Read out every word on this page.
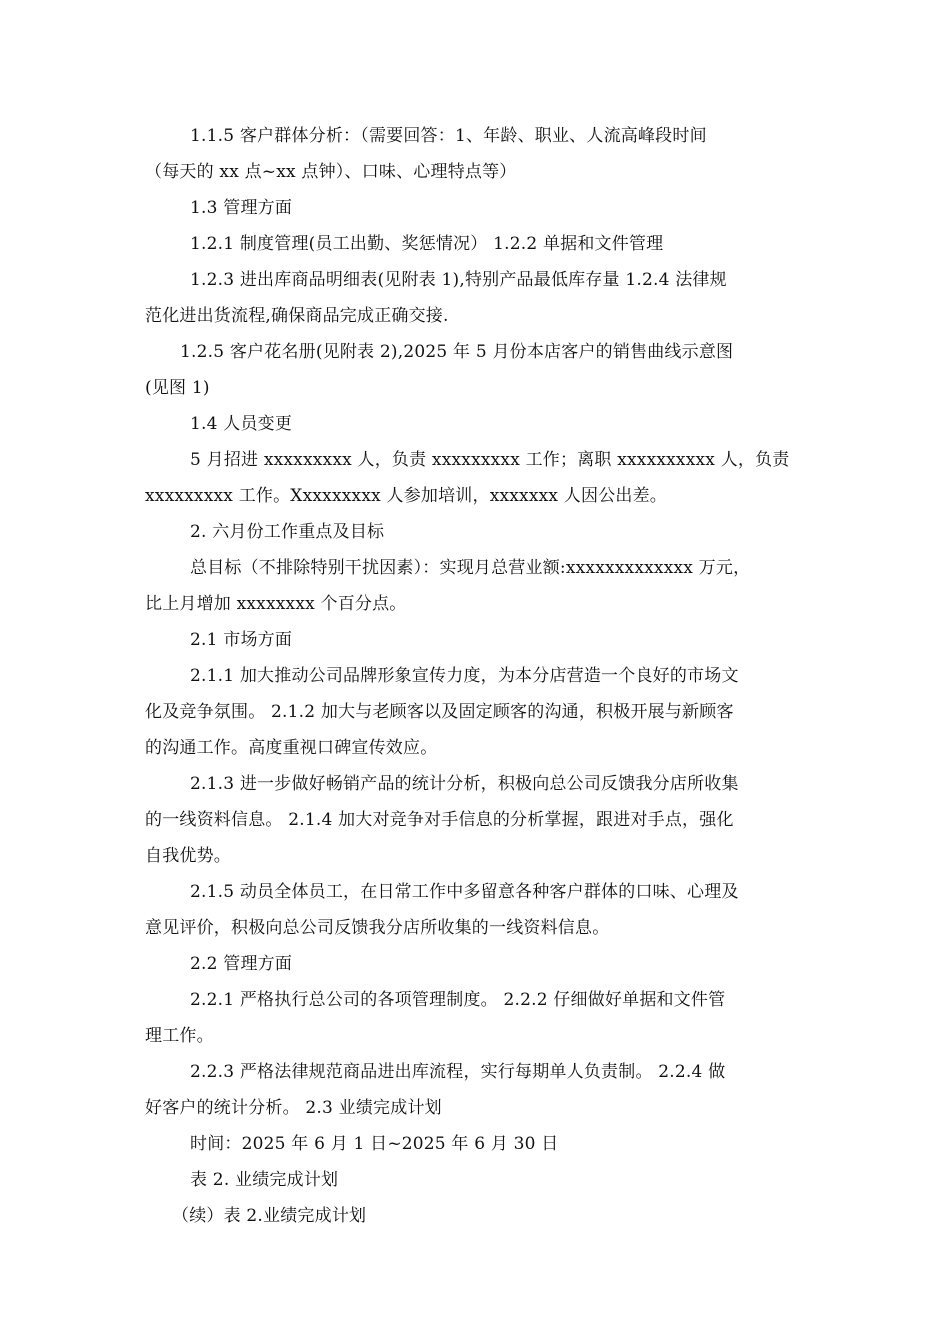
1.1.5 客户群体分析：（需要回答：1、年龄、职业、人流高峰段时间
（每天的 xx 点~xx 点钟）、口味、心理特点等）
1.3 管理方面
1.2.1 制度管理(员工出勤、奖惩情况） 1.2.2 单据和文件管理
1.2.3 进出库商品明细表(见附表 1),特别产品最低库存量 1.2.4 法律规
范化进出货流程,确保商品完成正确交接.
1.2.5 客户花名册(见附表 2),2025 年 5 月份本店客户的销售曲线示意图
(见图 1)
1.4 人员变更
5 月招进 xxxxxxxxx 人，负责 xxxxxxxxx 工作；离职 xxxxxxxxxx 人，负责
xxxxxxxxx 工作。Xxxxxxxxx 人参加培训，xxxxxxx 人因公出差。
2. 六月份工作重点及目标
总目标（不排除特别干扰因素）：实现月总营业额:xxxxxxxxxxxxx 万元，
比上月增加 xxxxxxxx 个百分点。
2.1 市场方面
2.1.1 加大推动公司品牌形象宣传力度，为本分店营造一个良好的市场文
化及竞争氛围。 2.1.2 加大与老顾客以及固定顾客的沟通，积极开展与新顾客
的沟通工作。高度重视口碑宣传效应。
2.1.3 进一步做好畅销产品的统计分析，积极向总公司反馈我分店所收集
的一线资料信息。 2.1.4 加大对竞争对手信息的分析掌握，跟进对手点，强化
自我优势。
2.1.5 动员全体员工，在日常工作中多留意各种客户群体的口味、心理及
意见评价，积极向总公司反馈我分店所收集的一线资料信息。
2.2 管理方面
2.2.1 严格执行总公司的各项管理制度。 2.2.2 仔细做好单据和文件管
理工作。
2.2.3 严格法律规范商品进出库流程，实行每期单人负责制。 2.2.4 做
好客户的统计分析。 2.3 业绩完成计划
时间：2025 年 6 月 1 日~2025 年 6 月 30 日
表 2. 业绩完成计划
（续）表 2.业绩完成计划
